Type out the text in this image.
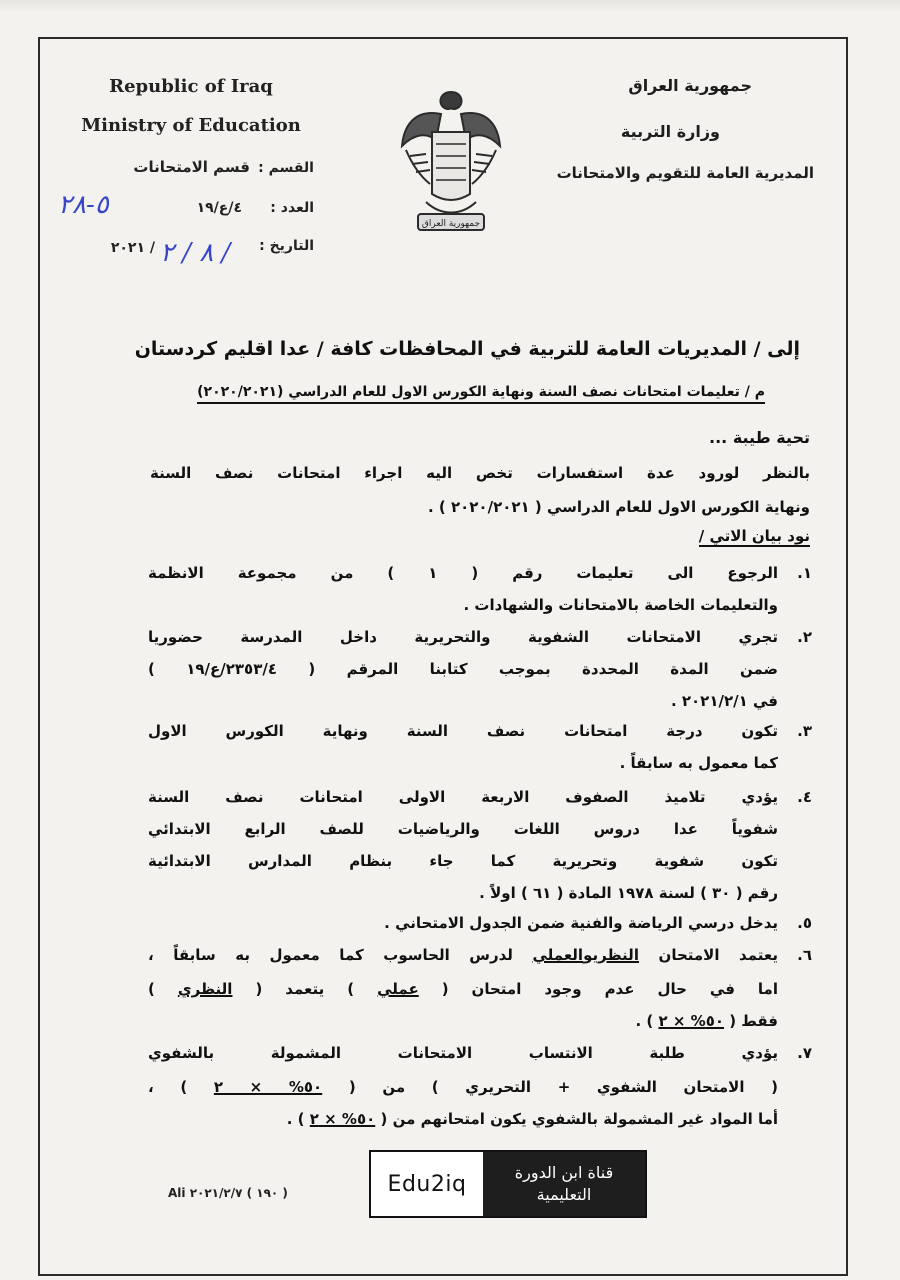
Republic of Iraq
Ministry of Education
جمهورية العراق
وزارة التربية
المديرية العامة للتقويم والامتحانات
جمهورية العراق
القسم :
قسم الامتحانات
العدد :
٤/ع/١٩
٥-٢٨
التاريخ :
/ ٢٠٢١ ٨ / ٢ /
إلى / المديريات العامة للتربية في المحافظات كافة / عدا اقليم كردستان
م / تعليمات امتحانات نصف السنة ونهاية الكورس الاول للعام الدراسي (٢٠٢٠/٢٠٢١)
تحية طيبة ...
بالنظر لورود عدة استفسارات تخص اليه اجراء امتحانات نصف السنة
ونهاية الكورس الاول للعام الدراسي ( ٢٠٢٠/٢٠٢١ ) .
نود بيان الاتي /
١.
الرجوع الى تعليمات رقم ( ١ ) من مجموعة الانظمة
والتعليمات الخاصة بالامتحانات والشهادات .
٢.
تجري الامتحانات الشفوية والتحريرية داخل المدرسة حضوريا
ضمن المدة المحددة بموجب كتابنا المرقم ( ٢٣٥٣/٤/ع/١٩ )
في ٢٠٢١/٢/١ .
٣.
تكون درجة امتحانات نصف السنة ونهاية الكورس الاول
كما معمول به سابقاً .
٤.
يؤدي تلاميذ الصفوف الاربعة الاولى امتحانات نصف السنة
شفوياً عدا دروس اللغات والرياضيات للصف الرابع الابتدائي
تكون شفوية وتحريرية كما جاء بنظام المدارس الابتدائية
رقم ( ٣٠ ) لسنة ١٩٧٨ المادة ( ٦١ ) اولاً .
٥.
يدخل درسي الرياضة والفنية ضمن الجدول الامتحاني .
٦.
يعتمد الامتحان النظريوالعملي لدرس الحاسوب كما معمول به سابقاً ،
اما في حال عدم وجود امتحان ( عملي ) يتعمد ( النظري )
فقط ( ٥٠% × ٢ ) .
٧.
يؤدي طلبة الانتساب الامتحانات المشمولة بالشفوي
( الامتحان الشفوي + التحريري ) من ( ٥٠% × ٢ ) ،
أما المواد غير المشمولة بالشفوي يكون امتحانهم من ( ٥٠% × ٢ ) .
( ١٩٠ ) ٢٠٢١/٢/٧ Ali	Edu2iq	قناة ابن الدورة
التعليمية
